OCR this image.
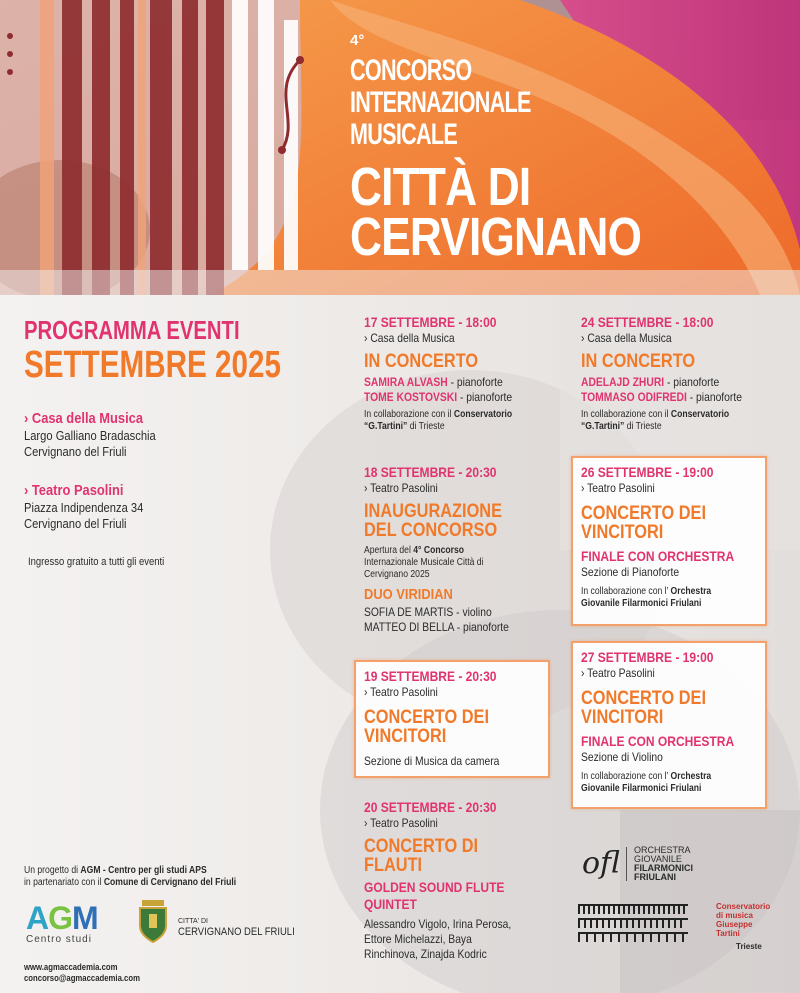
4°
CONCORSO
INTERNAZIONALE
MUSICALE
CITTÀ DI
CERVIGNANO
PROGRAMMA EVENTI
SETTEMBRE 2025
› Casa della Musica
Largo Galliano Bradaschia
Cervignano del Friuli
› Teatro Pasolini
Piazza Indipendenza 34
Cervignano del Friuli
Ingresso gratuito a tutti gli eventi
17 SETTEMBRE - 18:00
› Casa della Musica
IN CONCERTO
SAMIRA ALVASH - pianoforte
TOME KOSTOVSKI - pianoforte
In collaborazione con il Conservatorio
“G.Tartini” di Trieste
24 SETTEMBRE - 18:00
› Casa della Musica
IN CONCERTO
ADELAJD ZHURI - pianoforte
TOMMASO ODIFREDI - pianoforte
In collaborazione con il Conservatorio
“G.Tartini” di Trieste
18 SETTEMBRE - 20:30
› Teatro Pasolini
INAUGURAZIONE
DEL CONCORSO
Apertura del 4° Concorso
Internazionale Musicale Città di
Cervignano 2025
DUO VIRIDIAN
SOFIA DE MARTIS - violino
MATTEO DI BELLA - pianoforte
26 SETTEMBRE - 19:00
› Teatro Pasolini
CONCERTO DEI
VINCITORI
FINALE CON ORCHESTRA
Sezione di Pianoforte
In collaborazione con l’ Orchestra
Giovanile Filarmonici Friulani
19 SETTEMBRE - 20:30
› Teatro Pasolini
CONCERTO DEI
VINCITORI
Sezione di Musica da camera
27 SETTEMBRE - 19:00
› Teatro Pasolini
CONCERTO DEI
VINCITORI
FINALE CON ORCHESTRA
Sezione di Violino
In collaborazione con l’ Orchestra
Giovanile Filarmonici Friulani
20 SETTEMBRE - 20:30
› Teatro Pasolini
CONCERTO DI
FLAUTI
GOLDEN SOUND FLUTE
QUINTET
Alessandro Vigolo, Irina Perosa,
Ettore Michelazzi, Baya
Rinchinova, Zinajda Kodric
Un progetto di AGM - Centro per gli studi APS
in partenariato con il Comune di Cervignano del Friuli
AGM
Centro studi
CITTA' DI
CERVIGNANO DEL FRIULI
www.agmaccademia.com
concorso@agmaccademia.com
ofl ORCHESTRA
GIOVANILE
FILARMONICI
FRIULANI
Conservatorio
di musica
Giuseppe
Tartini
Trieste
